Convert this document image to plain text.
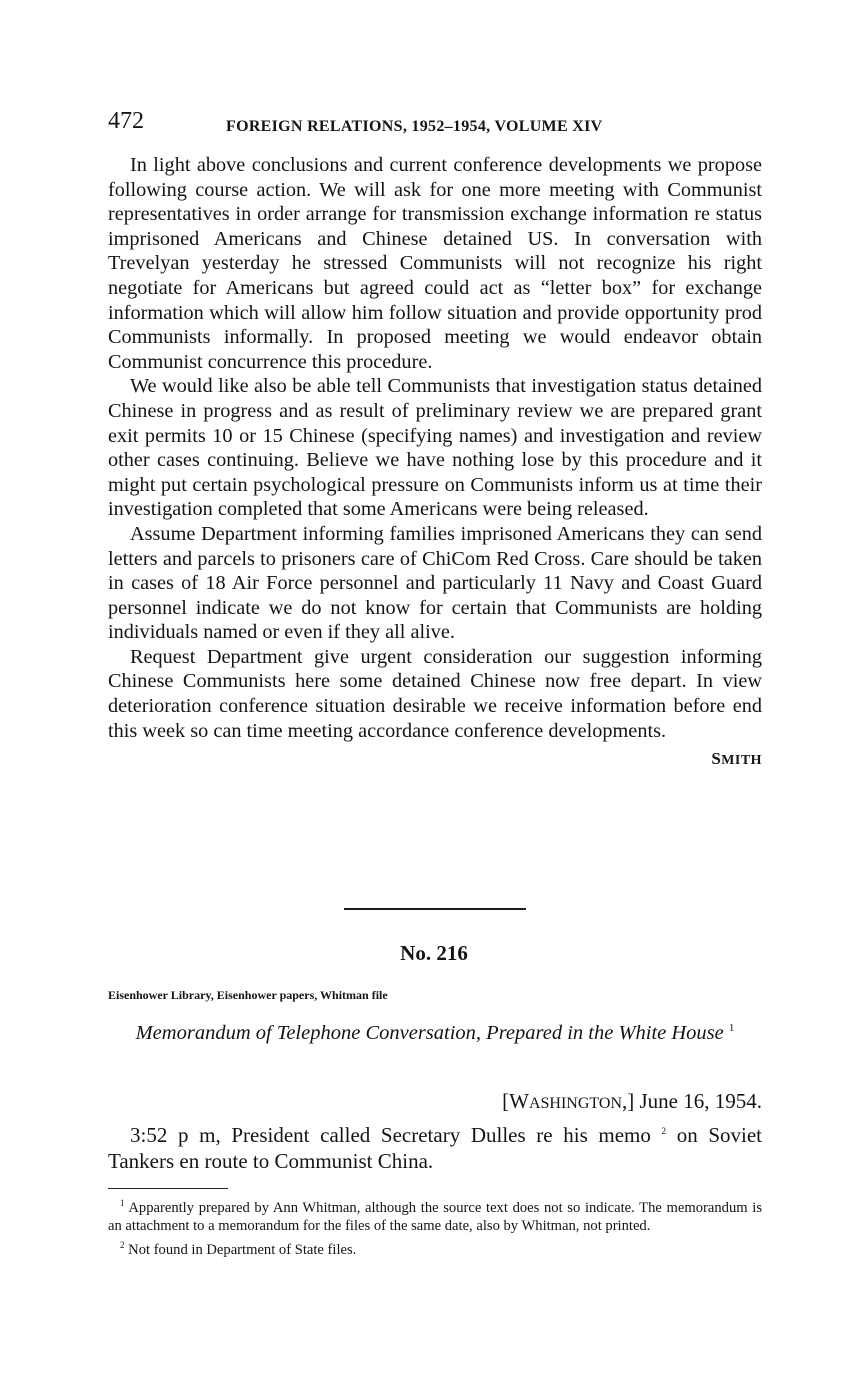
472	FOREIGN RELATIONS, 1952–1954, VOLUME XIV

In light above conclusions and current conference developments we propose following course action. We will ask for one more meeting with Communist representatives in order arrange for transmission exchange information re status imprisoned Americans and Chinese detained US. In conversation with Trevelyan yesterday he stressed Communists will not recognize his right negotiate for Americans but agreed could act as “letter box” for exchange information which will allow him follow situation and provide opportunity prod Communists informally. In proposed meeting we would endeavor obtain Communist concurrence this procedure.

We would like also be able tell Communists that investigation status detained Chinese in progress and as result of preliminary review we are prepared grant exit permits 10 or 15 Chinese (specifying names) and investigation and review other cases continuing. Believe we have nothing lose by this procedure and it might put certain psychological pressure on Communists inform us at time their investigation completed that some Americans were being released.

Assume Department informing families imprisoned Americans they can send letters and parcels to prisoners care of ChiCom Red Cross. Care should be taken in cases of 18 Air Force personnel and particularly 11 Navy and Coast Guard personnel indicate we do not know for certain that Communists are holding individuals named or even if they all alive.

Request Department give urgent consideration our suggestion informing Chinese Communists here some detained Chinese now free depart. In view deterioration conference situation desirable we receive information before end this week so can time meeting accordance conference developments.

SMITH
No. 216
Eisenhower Library, Eisenhower papers, Whitman file
Memorandum of Telephone Conversation, Prepared in the White House $^1$
[WASHINGTON,] June 16, 1954.

3:52 p m, President called Secretary Dulles re his memo $^2$ on Soviet Tankers en route to Communist China.

$^1$ Apparently prepared by Ann Whitman, although the source text does not so indicate. The memorandum is an attachment to a memorandum for the files of the same date, also by Whitman, not printed.

$^2$ Not found in Department of State files.
